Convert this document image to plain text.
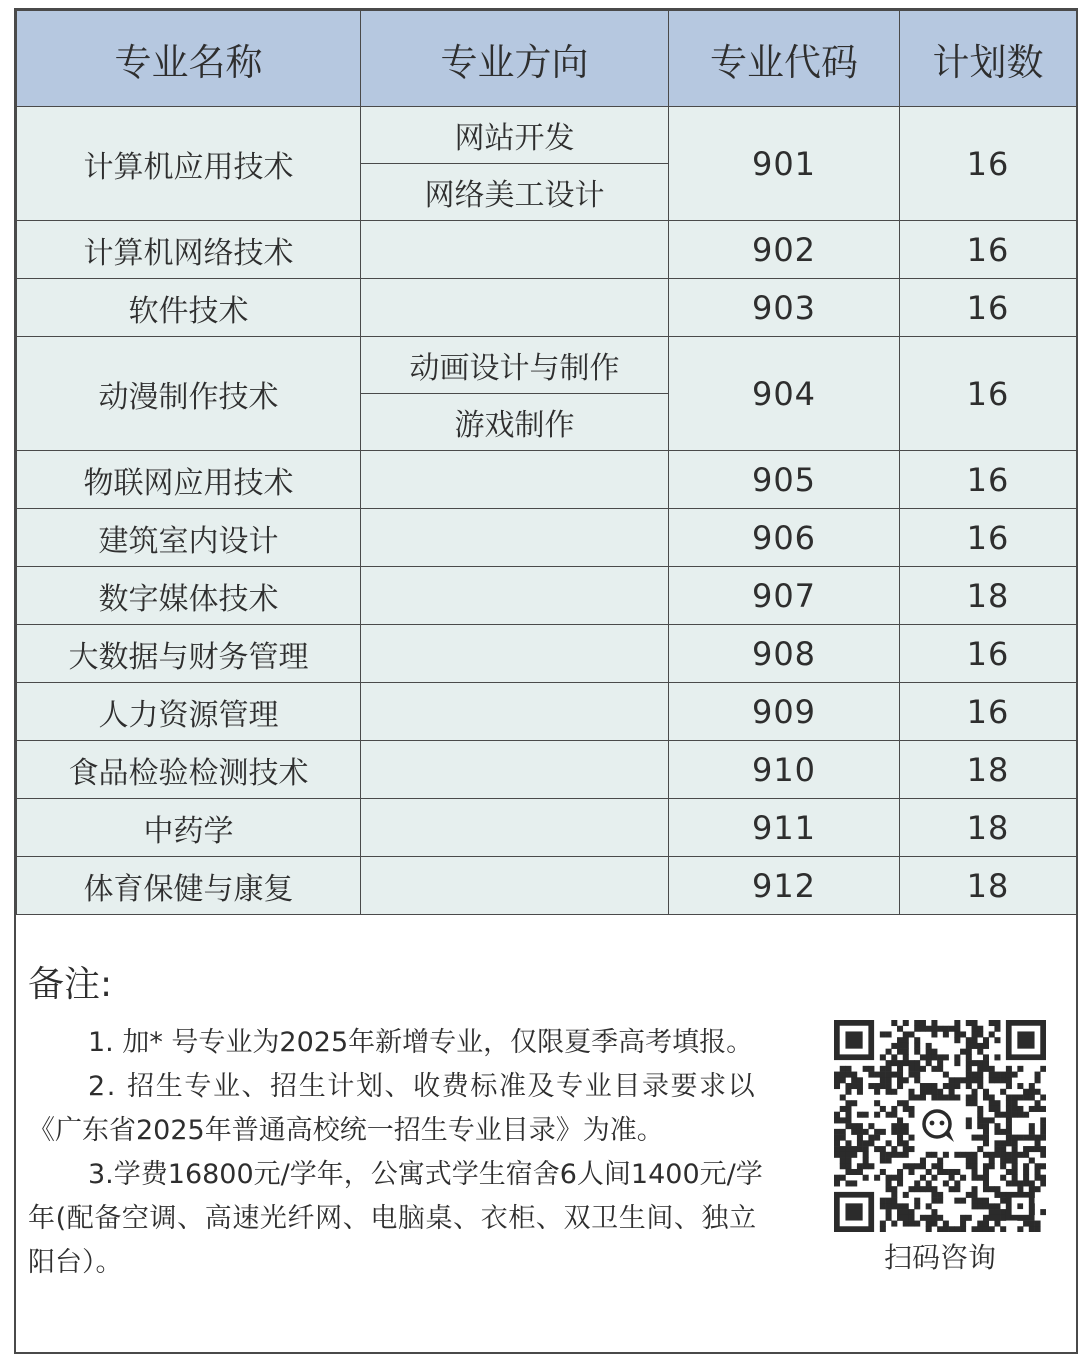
专业名称	专业方向	专业代码	计划数
计算机应用技术	网站开发	901	16
	网络美工设计		
计算机网络技术		902	16
软件技术		903	16
动漫制作技术	动画设计与制作	904	16
	游戏制作		
物联网应用技术		905	16
建筑室内设计		906	16
数字媒体技术		907	18
大数据与财务管理		908	16
人力资源管理		909	16
食品检验检测技术		910	18
中药学		911	18
体育保健与康复		912	18
备注:
1. 加* 号专业为2025年新增专业，仅限夏季高考填报。
2. 招生专业、招生计划、收费标准及专业目录要求以
《广东省2025年普通高校统一招生专业目录》为准。
3.学费16800元/学年，公寓式学生宿舍6人间1400元/学
年(配备空调、高速光纤网、电脑桌、衣柜、双卫生间、独立
阳台）。	扫码咨询
